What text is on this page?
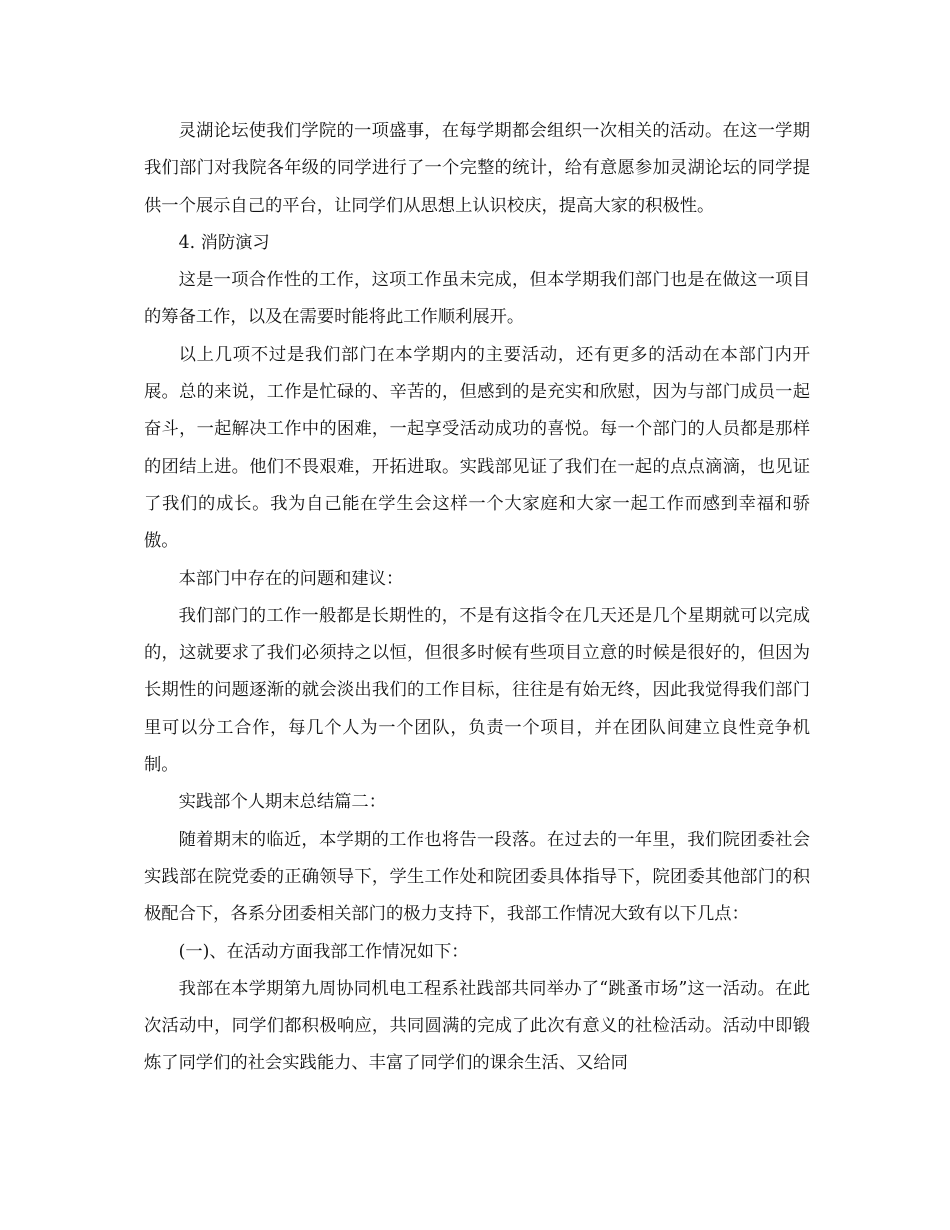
灵湖论坛使我们学院的一项盛事，在每学期都会组织一次相关的活动。在这一学期我们部门对我院各年级的同学进行了一个完整的统计，给有意愿参加灵湖论坛的同学提供一个展示自己的平台，让同学们从思想上认识校庆，提高大家的积极性。

4. 消防演习

这是一项合作性的工作，这项工作虽未完成，但本学期我们部门也是在做这一项目的筹备工作，以及在需要时能将此工作顺利展开。

以上几项不过是我们部门在本学期内的主要活动，还有更多的活动在本部门内开展。总的来说，工作是忙碌的、辛苦的，但感到的是充实和欣慰，因为与部门成员一起奋斗，一起解决工作中的困难，一起享受活动成功的喜悦。每一个部门的人员都是那样的团结上进。他们不畏艰难，开拓进取。实践部见证了我们在一起的点点滴滴，也见证了我们的成长。我为自己能在学生会这样一个大家庭和大家一起工作而感到幸福和骄傲。

本部门中存在的问题和建议：

我们部门的工作一般都是长期性的，不是有这指令在几天还是几个星期就可以完成的，这就要求了我们必须持之以恒，但很多时候有些项目立意的时候是很好的，但因为长期性的问题逐渐的就会淡出我们的工作目标，往往是有始无终，因此我觉得我们部门里可以分工合作，每几个人为一个团队，负责一个项目，并在团队间建立良性竞争机制。

实践部个人期末总结篇二：

随着期末的临近，本学期的工作也将告一段落。在过去的一年里，我们院团委社会实践部在院党委的正确领导下，学生工作处和院团委具体指导下，院团委其他部门的积极配合下，各系分团委相关部门的极力支持下，我部工作情况大致有以下几点：

(一)、在活动方面我部工作情况如下：

我部在本学期第九周协同机电工程系社践部共同举办了“跳蚤市场”这一活动。在此次活动中，同学们都积极响应，共同圆满的完成了此次有意义的社检活动。活动中即锻炼了同学们的社会实践能力、丰富了同学们的课余生活、又给同
